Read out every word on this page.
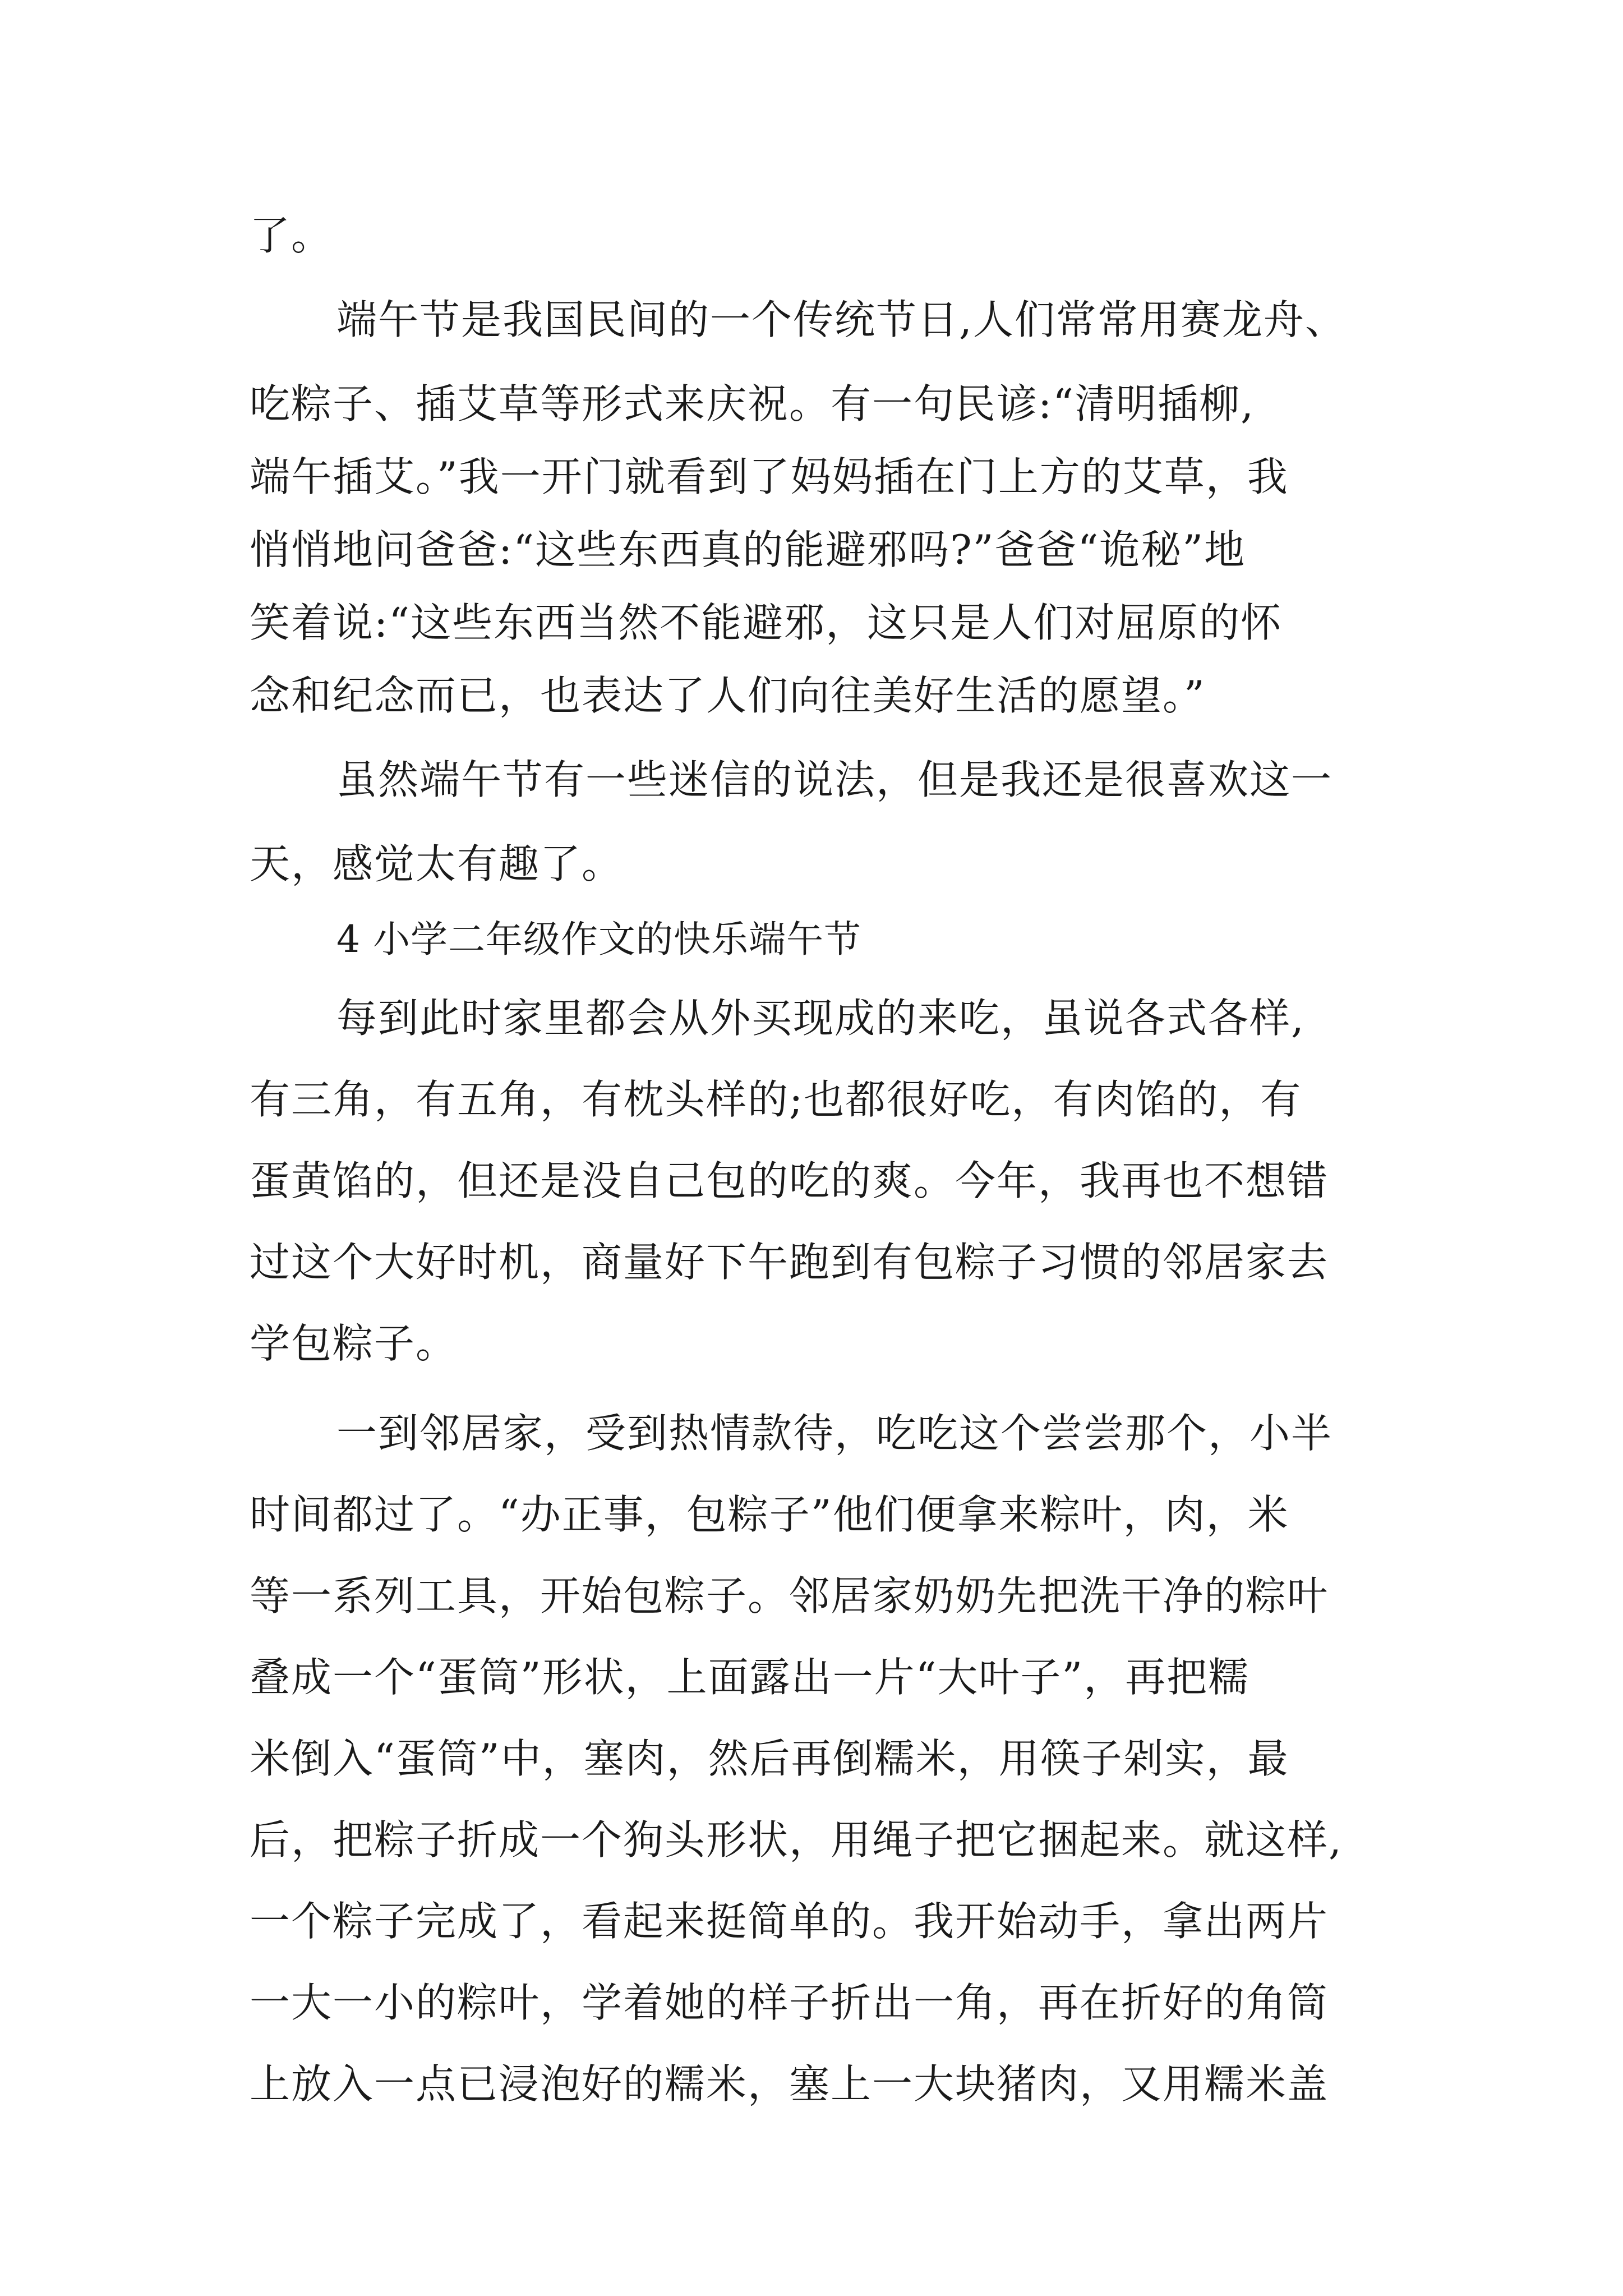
了。
端午节是我国民间的一个传统节日,人们常常用赛龙舟、
吃粽子、插艾草等形式来庆祝。有一句民谚:“清明插柳,
端午插艾。”我一开门就看到了妈妈插在门上方的艾草，我
悄悄地问爸爸:“这些东西真的能避邪吗?”爸爸“诡秘”地
笑着说:“这些东西当然不能避邪，这只是人们对屈原的怀
念和纪念而已，也表达了人们向往美好生活的愿望。”
虽然端午节有一些迷信的说法，但是我还是很喜欢这一
天，感觉太有趣了。
4 小学二年级作文的快乐端午节
每到此时家里都会从外买现成的来吃，虽说各式各样,
有三角，有五角，有枕头样的;也都很好吃，有肉馅的，有
蛋黄馅的，但还是没自己包的吃的爽。今年，我再也不想错
过这个大好时机，商量好下午跑到有包粽子习惯的邻居家去
学包粽子。
一到邻居家，受到热情款待，吃吃这个尝尝那个，小半
时间都过了。“办正事，包粽子”他们便拿来粽叶，肉，米
等一系列工具，开始包粽子。邻居家奶奶先把洗干净的粽叶
叠成一个“蛋筒”形状，上面露出一片“大叶子”，再把糯
米倒入“蛋筒”中，塞肉，然后再倒糯米，用筷子剁实，最
后，把粽子折成一个狗头形状，用绳子把它捆起来。就这样,
一个粽子完成了，看起来挺简单的。我开始动手，拿出两片
一大一小的粽叶，学着她的样子折出一角，再在折好的角筒
上放入一点已浸泡好的糯米，塞上一大块猪肉，又用糯米盖
